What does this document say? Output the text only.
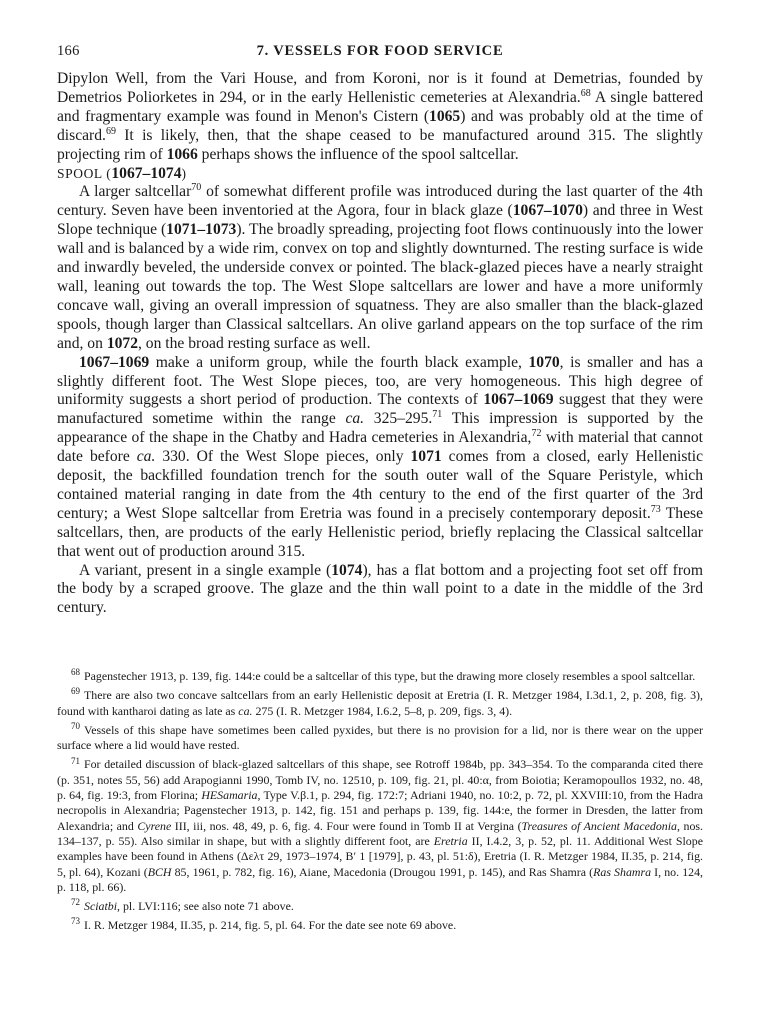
166	7. VESSELS FOR FOOD SERVICE

Dipylon Well, from the Vari House, and from Koroni, nor is it found at Demetrias, founded by Demetrios Poliorketes in 294, or in the early Hellenistic cemeteries at Alexandria.$^{68}$ A single battered and fragmentary example was found in Menon's Cistern (1065) and was probably old at the time of discard.$^{69}$ It is likely, then, that the shape ceased to be manufactured around 315. The slightly projecting rim of 1066 perhaps shows the influence of the spool saltcellar.

SPOOL (1067–1074)

A larger saltcellar$^{70}$ of somewhat different profile was introduced during the last quarter of the 4th century. Seven have been inventoried at the Agora, four in black glaze (1067–1070) and three in West Slope technique (1071–1073). The broadly spreading, projecting foot flows continuously into the lower wall and is balanced by a wide rim, convex on top and slightly downturned. The resting surface is wide and inwardly beveled, the underside convex or pointed. The black-glazed pieces have a nearly straight wall, leaning out towards the top. The West Slope saltcellars are lower and have a more uniformly concave wall, giving an overall impression of squatness. They are also smaller than the black-glazed spools, though larger than Classical saltcellars. An olive garland appears on the top surface of the rim and, on 1072, on the broad resting surface as well.

1067–1069 make a uniform group, while the fourth black example, 1070, is smaller and has a slightly different foot. The West Slope pieces, too, are very homogeneous. This high degree of uniformity suggests a short period of production. The contexts of 1067–1069 suggest that they were manufactured sometime within the range ca. 325–295.71 This impression is supported by the appearance of the shape in the Chatby and Hadra cemeteries in Alexandria,$^{72}$ with material that cannot date before ca. 330. Of the West Slope pieces, only 1071 comes from a closed, early Hellenistic deposit, the backfilled foundation trench for the south outer wall of the Square Peristyle, which contained material ranging in date from the 4th century to the end of the first quarter of the 3rd century; a West Slope saltcellar from Eretria was found in a precisely contemporary deposit.$^{73}$ These saltcellars, then, are products of the early Hellenistic period, briefly replacing the Classical saltcellar that went out of production around 315.

A variant, present in a single example (1074), has a flat bottom and a projecting foot set off from the body by a scraped groove. The glaze and the thin wall point to a date in the middle of the 3rd century.

$^{68}$ Pagenstecher 1913, p. 139, fig. 144:e could be a saltcellar of this type, but the drawing more closely resembles a spool saltcellar.

$^{69}$ There are also two concave saltcellars from an early Hellenistic deposit at Eretria (I. R. Metzger 1984, I.3d.1, 2, p. 208, fig. 3), found with kantharoi dating as late as ca. 275 (I. R. Metzger 1984, I.6.2, 5–8, p. 209, figs. 3, 4).

$^{70}$ Vessels of this shape have sometimes been called pyxides, but there is no provision for a lid, nor is there wear on the upper surface where a lid would have rested.

$^{71}$ For detailed discussion of black-glazed saltcellars of this shape, see Rotroff 1984b, pp. 343–354. To the comparanda cited there (p. 351, notes 55, 56) add Arapogianni 1990, Tomb IV, no. 12510, p. 109, fig. 21, pl. 40:α, from Boiotia; Keramopoullos 1932, no. 48, p. 64, fig. 19:3, from Florina; HESamaria, Type V.β.1, p. 294, fig. 172:7; Adriani 1940, no. 10:2, p. 72, pl. XXVIII:10, from the Hadra necropolis in Alexandria; Pagenstecher 1913, p. 142, fig. 151 and perhaps p. 139, fig. 144:e, the former in Dresden, the latter from Alexandria; and Cyrene III, iii, nos. 48, 49, p. 6, fig. 4. Four were found in Tomb II at Vergina (Treasures of Ancient Macedonia, nos. 134–137, p. 55). Also similar in shape, but with a slightly different foot, are Eretria II, I.4.2, 3, p. 52, pl. 11. Additional West Slope examples have been found in Athens (Δελτ 29, 1973–1974, B′ 1 [1979], p. 43, pl. 51:δ), Eretria (I. R. Metzger 1984, II.35, p. 214, fig. 5, pl. 64), Kozani (BCH 85, 1961, p. 782, fig. 16), Aiane, Macedonia (Drougou 1991, p. 145), and Ras Shamra (Ras Shamra I, no. 124, p. 118, pl. 66).

$^{72}$ Sciatbi, pl. LVI:116; see also note 71 above.

$^{73}$ I. R. Metzger 1984, II.35, p. 214, fig. 5, pl. 64. For the date see note 69 above.
